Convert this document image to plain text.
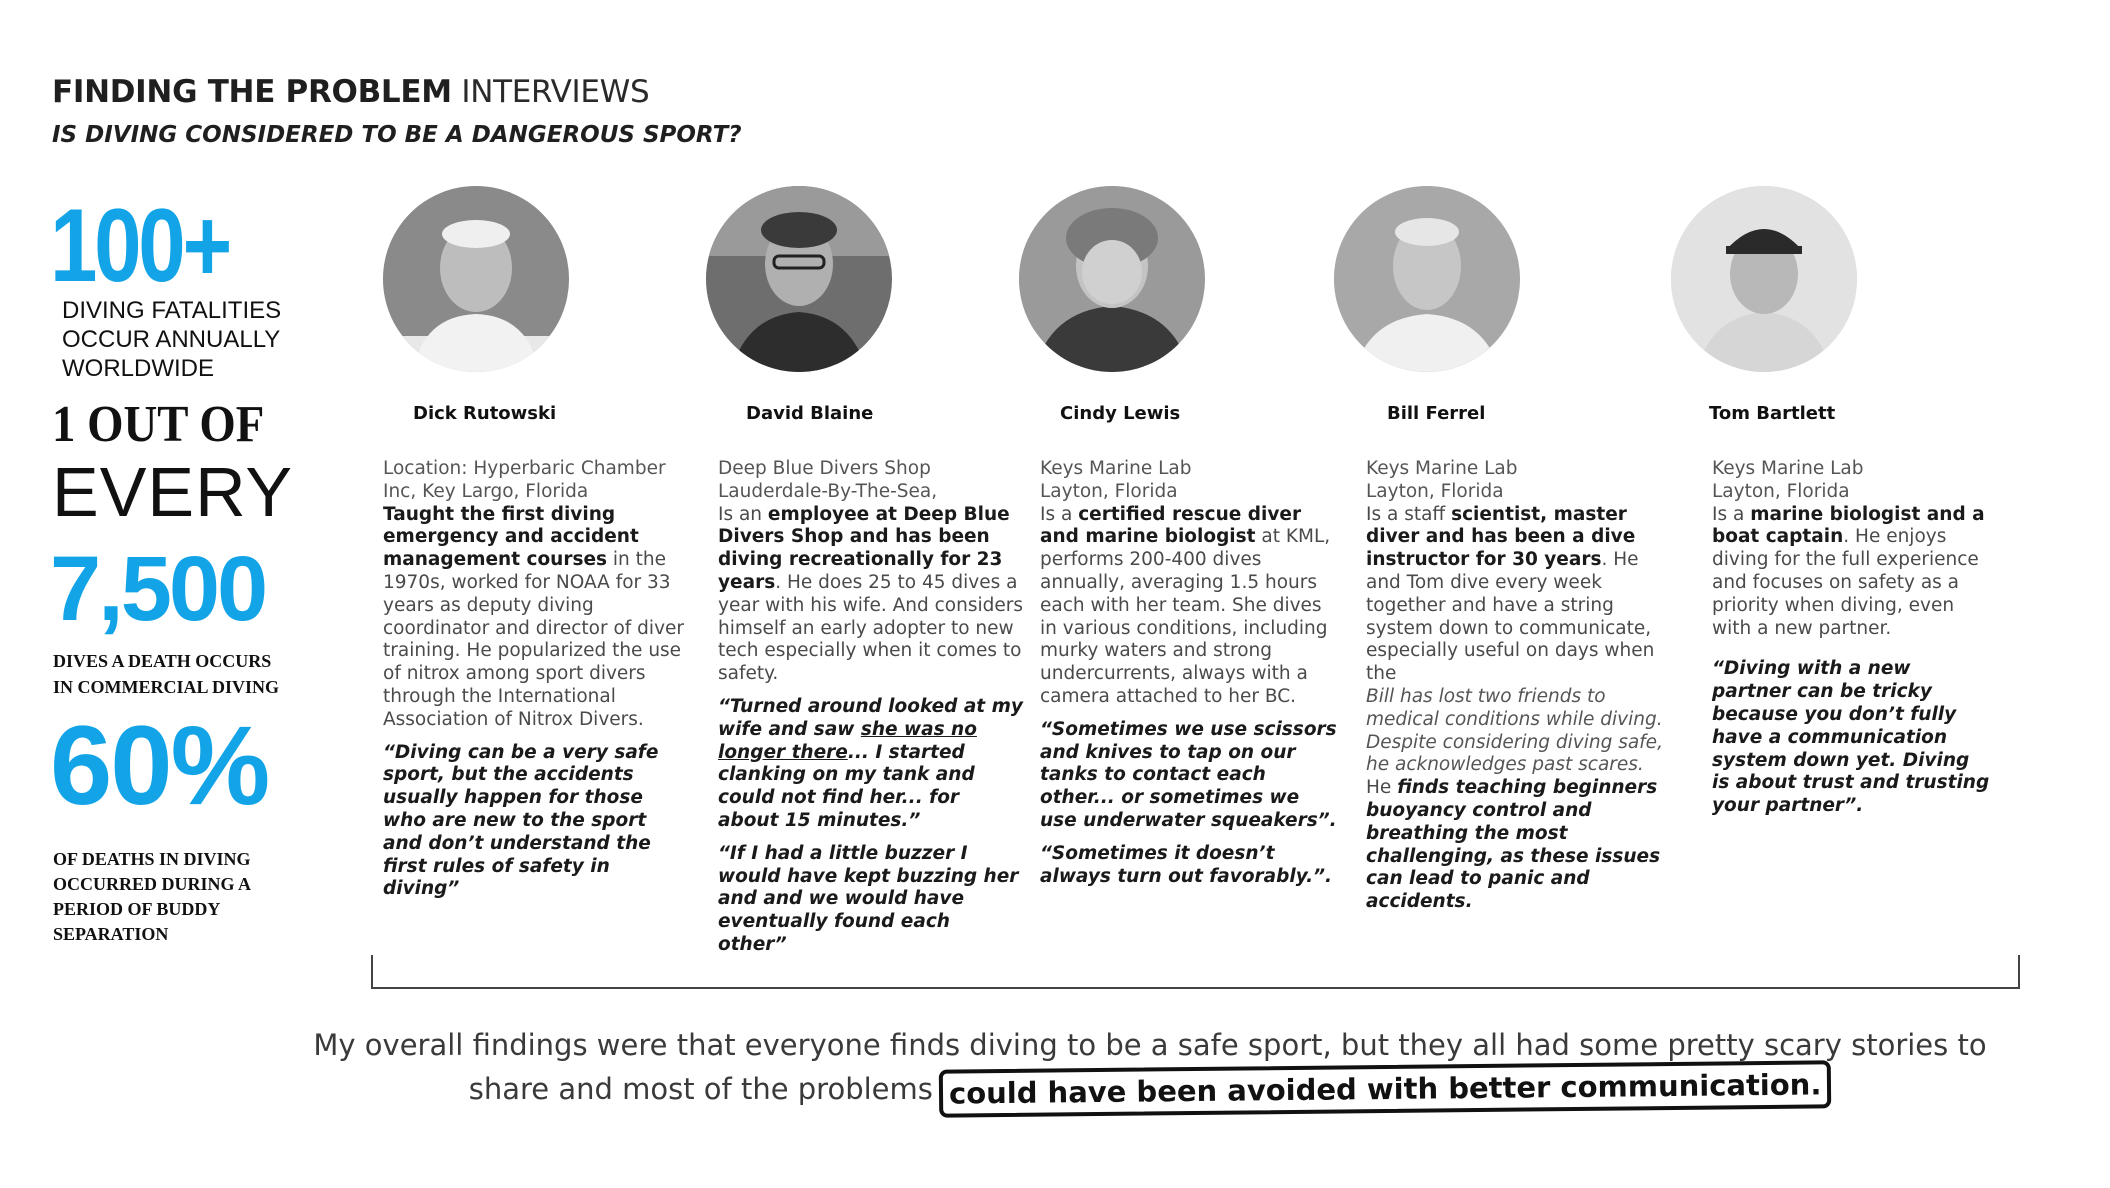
FINDING THE PROBLEM INTERVIEWS
IS DIVING CONSIDERED TO BE A DANGEROUS SPORT?
100+
DIVING FATALITIES
OCCUR ANNUALLY
WORLDWIDE
1 OUT OF
EVERY
7,500
DIVES A DEATH OCCURS
IN COMMERCIAL DIVING
60%
OF DEATHS IN DIVING
OCCURRED DURING A
PERIOD OF BUDDY
SEPARATION
Dick Rutowski	David Blaine	Cindy Lewis	Bill Ferrel	Tom Bartlett
Location: Hyperbaric Chamber
Inc, Key Largo, Florida

Taught the first diving emergency and accident management courses in the 1970s, worked for NOAA for 33 years as deputy diving coordinator and director of diver training. He popularized the use of nitrox among sport divers through the International Association of Nitrox Divers.

“Diving can be a very safe sport, but the accidents usually happen for those who are new to the sport and don’t understand the first rules of safety in diving”

Deep Blue Divers Shop
Lauderdale-By-The-Sea,

Is an employee at Deep Blue Divers Shop and has been diving recreationally for 23 years. He does 25 to 45 dives a year with his wife. And considers himself an early adopter to new tech especially when it comes to safety.

“Turned around looked at my wife and saw she was no longer there... I started clanking on my tank and could not find her... for about 15 minutes.”

“If I had a little buzzer I would have kept buzzing her and and we would have eventually found each other”

Keys Marine Lab
Layton, Florida

Is a certified rescue diver and marine biologist at KML, performs 200-400 dives annually, averaging 1.5 hours each with her team. She dives in various conditions, including murky waters and strong undercurrents, always with a camera attached to her BC.

“Sometimes we use scissors and knives to tap on our tanks to contact each other... or sometimes we use underwater squeakers”.

“Sometimes it doesn’t always turn out favorably.”.

Keys Marine Lab
Layton, Florida

Is a staff scientist, master diver and has been a dive instructor for 30 years. He and Tom dive every week together and have a string system down to communicate, especially useful on days when the

Bill has lost two friends to medical conditions while diving. Despite considering diving safe, he acknowledges past scares. He finds teaching beginners buoyancy control and breathing the most challenging, as these issues can lead to panic and accidents.

Keys Marine Lab
Layton, Florida

Is a marine biologist and a boat captain. He enjoys diving for the full experience and focuses on safety as a priority when diving, even with a new partner.

“Diving with a new partner can be tricky because you don’t fully have a communication system down yet. Diving is about trust and trusting your partner”.

My overall findings were that everyone finds diving to be a safe sport, but they all had some pretty scary stories to share and most of the problems could have been avoided with better communication.
